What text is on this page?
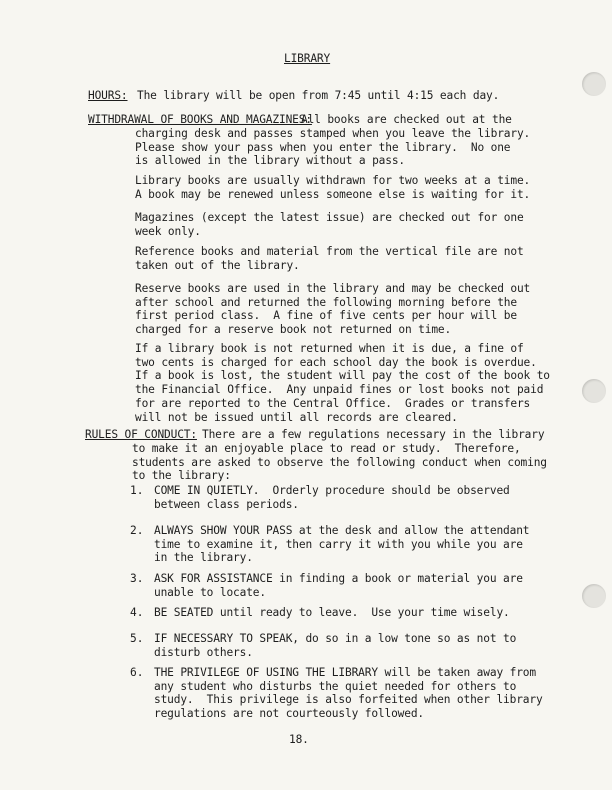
LIBRARY
HOURS: The library will be open from 7:45 until 4:15 each day.
WITHDRAWAL OF BOOKS AND MAGAZINES:
All books are checked out at the
charging desk and passes stamped when you leave the library.
Please show your pass when you enter the library.  No one
is allowed in the library without a pass.
Library books are usually withdrawn for two weeks at a time.
A book may be renewed unless someone else is waiting for it.
Magazines (except the latest issue) are checked out for one
week only.
Reference books and material from the vertical file are not
taken out of the library.
Reserve books are used in the library and may be checked out
after school and returned the following morning before the
first period class.  A fine of five cents per hour will be
charged for a reserve book not returned on time.
If a library book is not returned when it is due, a fine of
two cents is charged for each school day the book is overdue.
If a book is lost, the student will pay the cost of the book to
the Financial Office.  Any unpaid fines or lost books not paid
for are reported to the Central Office.  Grades or transfers
will not be issued until all records are cleared.
RULES OF CONDUCT: There are a few regulations necessary in the library
to make it an enjoyable place to read or study.  Therefore,
students are asked to observe the following conduct when coming
to the library:
1. COME IN QUIETLY.  Orderly procedure should be observed
between class periods.
2. ALWAYS SHOW YOUR PASS at the desk and allow the attendant
time to examine it, then carry it with you while you are
in the library.
3. ASK FOR ASSISTANCE in finding a book or material you are
unable to locate.
4. BE SEATED until ready to leave.  Use your time wisely.
5. IF NECESSARY TO SPEAK, do so in a low tone so as not to
disturb others.
6. THE PRIVILEGE OF USING THE LIBRARY will be taken away from
any student who disturbs the quiet needed for others to
study.  This privilege is also forfeited when other library
regulations are not courteously followed.
18.
